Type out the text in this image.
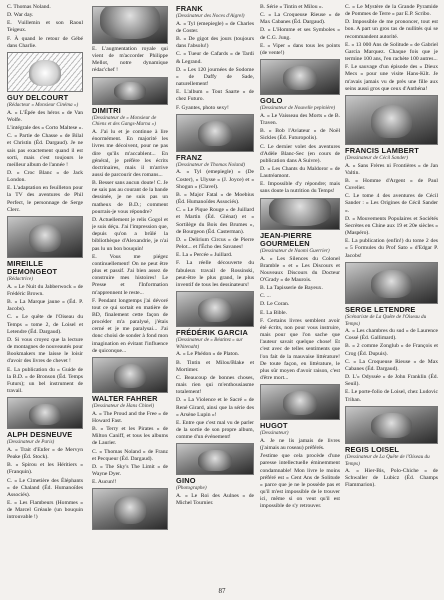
C. Thomas Noland.
D. War day.
E. Vuillemin et son Raoul Teigeux.
F. À quand le retour de Gébé dans Charlie.
GUY DELCOURT
(Rédacteur « Monsieur Cinéma »)
A. « L'Épée des héros » de Van Wolfe.
L'intégrale des « Corto Maltese ».
C. « Partie de Chasse » de Bilal et Christin (Éd. Dargaud). Je ne sais pas exactement quand il est sorti, mais c'est toujours le meilleur album de l'année !
D. « Croc Blanc » de Jack London.
E. L'adaptation en feuilleton pour la TV des aventures de Phil Perfect, le personnage de Serge Clerc.
MIREILLE DEMONGEOT
(Rédactrice)
A. « Le Nuit du Jabberwock » de Frédéric Brown.
B. « La Marque jaune » (Éd. P. Jacobs).
C. « Le quête de l'Oiseau du Temps » tome 2, de Loisel et Letendre (Éd. Dargaud).
D. Si vous croyez que la lecture de montagnes de nouveautés pour Bookmakers me laisse le loisir d'avoir des livres de chevet !
E. La publication du « Guide de la B.D. » de Bronson (Éd. Temps Futurs); un bel instrument de travail.
ALPH DESNEUVE
(Dessinateur de Paris)
A. « Trait d'Enfer » de Mervyn Peake (Éd. Stock).
B. « Spirou et les Héritiers » (Franquin).
C. « Le Cimetière des Éléphants » de Chaland (Éd. Humanoïdes Associés).
E. « Les Flambeurs (Hommes » de Marcel Gréaule (un bouquin introuvable !)
E. L'augmentation royale qui vient de m'accorder Philippe Mellot, notre dynamique rédac'chef !
DIMITRI
(Dessinateur de « Monsieur de Chiens et des Gangs-Marna »)
A. J'ai lu et je continue à lire énormément. En majorité les livres me décoivent, pour ne pas dire qu'ils m'accablent... En général, je préfère les écrits doctrinaires, mais il m'arrive aussi de parcourir des romans...
B. Besser sans aucun doute! C. Je ne sais pas au courant de la bande dessinée, je ne suis pas un matheux de B.D.; comment pourrais-je vous répondre?
D. Actuellement je relis Gogol et je suis déçu. J'ai l'impression que, depuis qu'on a brûlé la bibliothèque d'Alexandrie, je n'ai pas lu un bon bouquin!
E. Vous me piégez continuellement! On ne peut être plus et passif. J'ai bien assez de construire mes histoires! Le Presse et l'Information m'apprennent le reste...
F. Pendant longtemps j'ai dévoré tout ce qui sortait en matière de BD, finalement cette façon de procéder m'a paralysé, j'étais cerné et je me paralysai... J'ai donc choisi de sonder à fond mon imagination en évitant l'influence de quiconque...
WALTER FAHRER
(Dessinateur de Hans Chinel)
A. « The Proud and the Free » de Howard Fast.
B. « Terry et les Pirates » de Milton Caniff, et tous les albums de Laurier.
C. « Thomas Noland » de Franz et Pecqueur (Éd. Dargaud).
D. « The Sky's The Limit » de Wayne Dyer.
E. Aucun!!
FRANK
(Dessinateur des Noces d'Aigrel)
A. « Tyl (emepiegle) » de Charles de Coster.
B. « De gigot des jours (toujours dans l'absolu!)
C. « Tueur de Cafards » de Tardi & Legrand.
D. « Les 120 journées de Sodome » de Daffy de Sade, naturellement!
E. L'album « Tout Saarte » de chez Futuro.
F. Gyantes, photo sexy!
FRANZ
(Dessinateur de Thomas Noland)
A. « Tyl (emepiegle) » (De Coster), « Ulysse » (J. Joyce) et « Shogun » (Clavel).
B. « Major Fatal » de Moebius (Éd. Humanoïdes Associés).
C. « Le Pique Rouge » de Juillard et Martin (Éd. Glénat) et « Sortilège du Bois des Brumes », de Bourgeon (Éd. Casterman).
D. « Delirium Circus » de Pierre Pelot... et l'Écho des Savanes!
E. La « Percée » Juillard.
F. La réelle découverte du fabuleux travail de Rossinski, peut-être le plus grand, le plus inventif de tous les dessinateurs!
FRÉDÉRIK GARCIA
(Dessinateur de « Béatitez » sur Whitenaht)
A. « Le Phédon » de Platon.
B. Tintin et Milou/Blake et Mortimer.
C. Beaucoup de bonnes choses, mais rien qui m'enthousiasme totalement!
D. « La Violence et le Sacré » de René Girard, ainsi que la série des « Arsène Lupin »!
E. Entre que c'est mal vu de parler de la sortie de son propre album, comme d'un événement!
GINO
(Photographe)
A. « Le Roi des Aulnes » de Michel Tournier.
B. Série « Tintin et Milou ».
C. « La Croqueuse Rieuse » de Max Cabanes (Éd. Dargaud).
D. « L'Homme et ses Symboles » de C.G. Jung.
E. « Viper » dans tous les points (de vente!)
GOLO
(Dessinateur de Nouvelle pepinière)
A. « Le Vaisseau des Morts » de B. Traven.
B. « Bob l'Aviateur » de Noël Sickles (Éd. Futuropolis).
C. Le dernier volet des aventures d'Adèle Blanc-Sec (en cours de publication dans A Suivre).
D. « Les Chants du Maldoror » de Lautréamont.
E. Impossible d'y répondre; mais sans doute la nutrition du Temps!
JEAN-PIERRE GOURMELEN
(Dessinateur de Naomi Guerrier)
A. « Les Silences du Colonel Bramble » et « Les Discours et Nouveaux Discours du Docteur O'Grady » de Maurois.
B. La Tapisserie de Bayeux.
C. ...
D. Le Coran.
E. La Bible.
F. Certains livres semblent avoir été écrits, non pour vous instruire, mais pour que l'on sache que l'auteur savait quelque chose! Et c'est avec de telles sentiments que l'on fait de la mauvaise littérature! De toute façon, en littérature, le plus sûr moyen d'avoir raison, c'est d'être mort...
HUGOT
(Dessinateur)
A. Je ne lis jamais de livres (j'aimais au roseau) préférés.
J'estime que cela procède d'une paresse intellectuelle éminemment condamnable! Mon livre le moins préféré est « Cent Ans de Solitude » parce que je ne le possède pas et qu'il m'est impossible de le trouver ici, même si on veut qu'il est impossible de s'y retrouver.
C. « Le Mystère de la Grande Pyramide de Pommes de Terre » par E.P. Scribo.
D. Impossible de me prononcer, tout est bon. A part un gros tas de nullités qui se recommandent autorité.
E. « 13 000 Ans de Solitude » de Gabriel Garcia Marquez. Chaque fois que je termine 100 ans, l'en rachète 100 autres...
F. Le sauvage d'un épisode des « Dieux Mecs » pour une visite Hans-Kilt. Je m'avais jamais vu de près une fille aux seins aussi gros que ceux d'Anthéna!
FRANCIS LAMBERT
(Dessinateur de Cécil Sander)
A. « Sans Frères ni Frontières » de Jan Valtin.
B. « Homme d'Argent » de Paul Cuvelier.
C. Le tome 4 des aventures de Cécil Sander : « Les Origines de Cécil Sander ».
D. « Mouvements Populaires et Sociétés Secrètes en Chine aux 19 et 20e siècles » (Maspéro).
E. La publication (enfin!) du tome 2 des « 5 Formules du Prof Sato » d'Edgar P. Jacobs!
SERGE LETENDRE
(Scénariste de La Quête de l'Oiseau du Temps)
A. « Les chambres du sud » de Laurence Cossé (Éd. Gallimard).
B. « 2 comme Zonglub » de François et Crog (Éd. Dupuis).
C. « La Croqueuse Rieuse » de Max Cabanes (Éd. Dargaud).
D. L'« Odyssée » de John Franklin (Éd. Seuil).
E. Le porte-folio de Loisel, chez Ludovic Trihan.
REGIS LOISEL
(Dessinateur de La Quête de l'Oiseau du Temps)
A. « Hier-Bis, Polo-Chiche » de Schwaller de Lubicz (Éd. Champs Flammarion).
87
